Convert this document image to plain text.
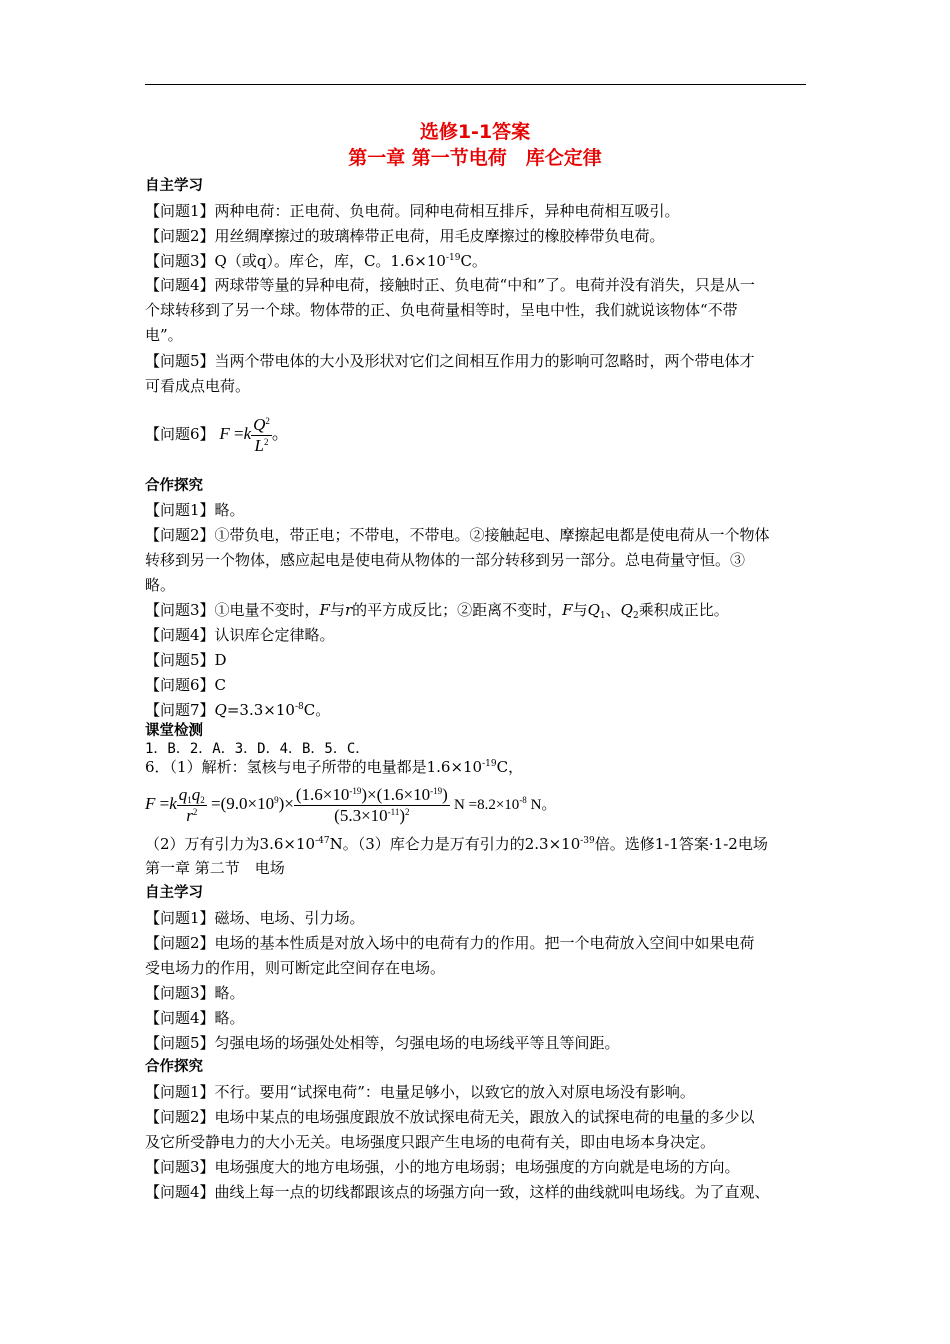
选修1-1答案
第一章 第一节电荷　库仑定律
自主学习
【问题1】两种电荷：正电荷、负电荷。同种电荷相互排斥，异种电荷相互吸引。
【问题2】用丝绸摩擦过的玻璃棒带正电荷，用毛皮摩擦过的橡胶棒带负电荷。
【问题3】Q（或q）。库仑，库，C。$1.6\times 10^{-19}C$。
【问题4】两球带等量的异种电荷，接触时正、负电荷“中和”了。电荷并没有消失，只是从一
个球转移到了另一个球。物体带的正、负电荷量相等时，呈电中性，我们就说该物体“不带
电”。
【问题5】当两个带电体的大小及形状对它们之间相互作用力的影响可忽略时，两个带电体才
可看成点电荷。
【问题6】 $F =k \frac{Q^2}{L^2}$ 。
合作探究
【问题1】略。
【问题2】①带负电，带正电；不带电，不带电。②接触起电、摩擦起电都是使电荷从一个物体
转移到另一个物体，感应起电是使电荷从物体的一部分转移到另一部分。总电荷量守恒。③
略。
【问题3】①电量不变时，F与r的平方成反比；②距离不变时，F与$Q_1$、$Q_2$乘积成正比。
【问题4】认识库仑定律略。
【问题5】D
【问题6】C
【问题7】$Q=3.3\times 10^{-8}C$。
课堂检测
1．B．2．A．3．D．4．B．5．C．
6．（1）解析：氢核与电子所带的电量都是$1.6\times 10^{-19}C$，
$F =k \frac{q_1q_2}{r^2} =(9.0\times 10^9)\times \frac{(1.6\times 10^{-19})\times(1.6\times 10^{-19})}{(5.3\times 10^{-11})^2}$ $N =8.2\times 10^{-8}$ N。
（2）万有引力为$3.6\times 10^{-47}N$。（3）库仑力是万有引力的$2.3\times 10^{-39}$倍。选修1-1答案·1-2电场
第一章 第二节　电场
自主学习
【问题1】磁场、电场、引力场。
【问题2】电场的基本性质是对放入场中的电荷有力的作用。把一个电荷放入空间中如果电荷
受电场力的作用，则可断定此空间存在电场。
【问题3】略。
【问题4】略。
【问题5】匀强电场的场强处处相等，匀强电场的电场线平等且等间距。
合作探究
【问题1】不行。要用“试探电荷”：电量足够小，以致它的放入对原电场没有影响。
【问题2】电场中某点的电场强度跟放不放试探电荷无关，跟放入的试探电荷的电量的多少以
及它所受静电力的大小无关。电场强度只跟产生电场的电荷有关，即由电场本身决定。
【问题3】电场强度大的地方电场强，小的地方电场弱；电场强度的方向就是电场的方向。
【问题4】曲线上每一点的切线都跟该点的场强方向一致，这样的曲线就叫电场线。为了直观、
